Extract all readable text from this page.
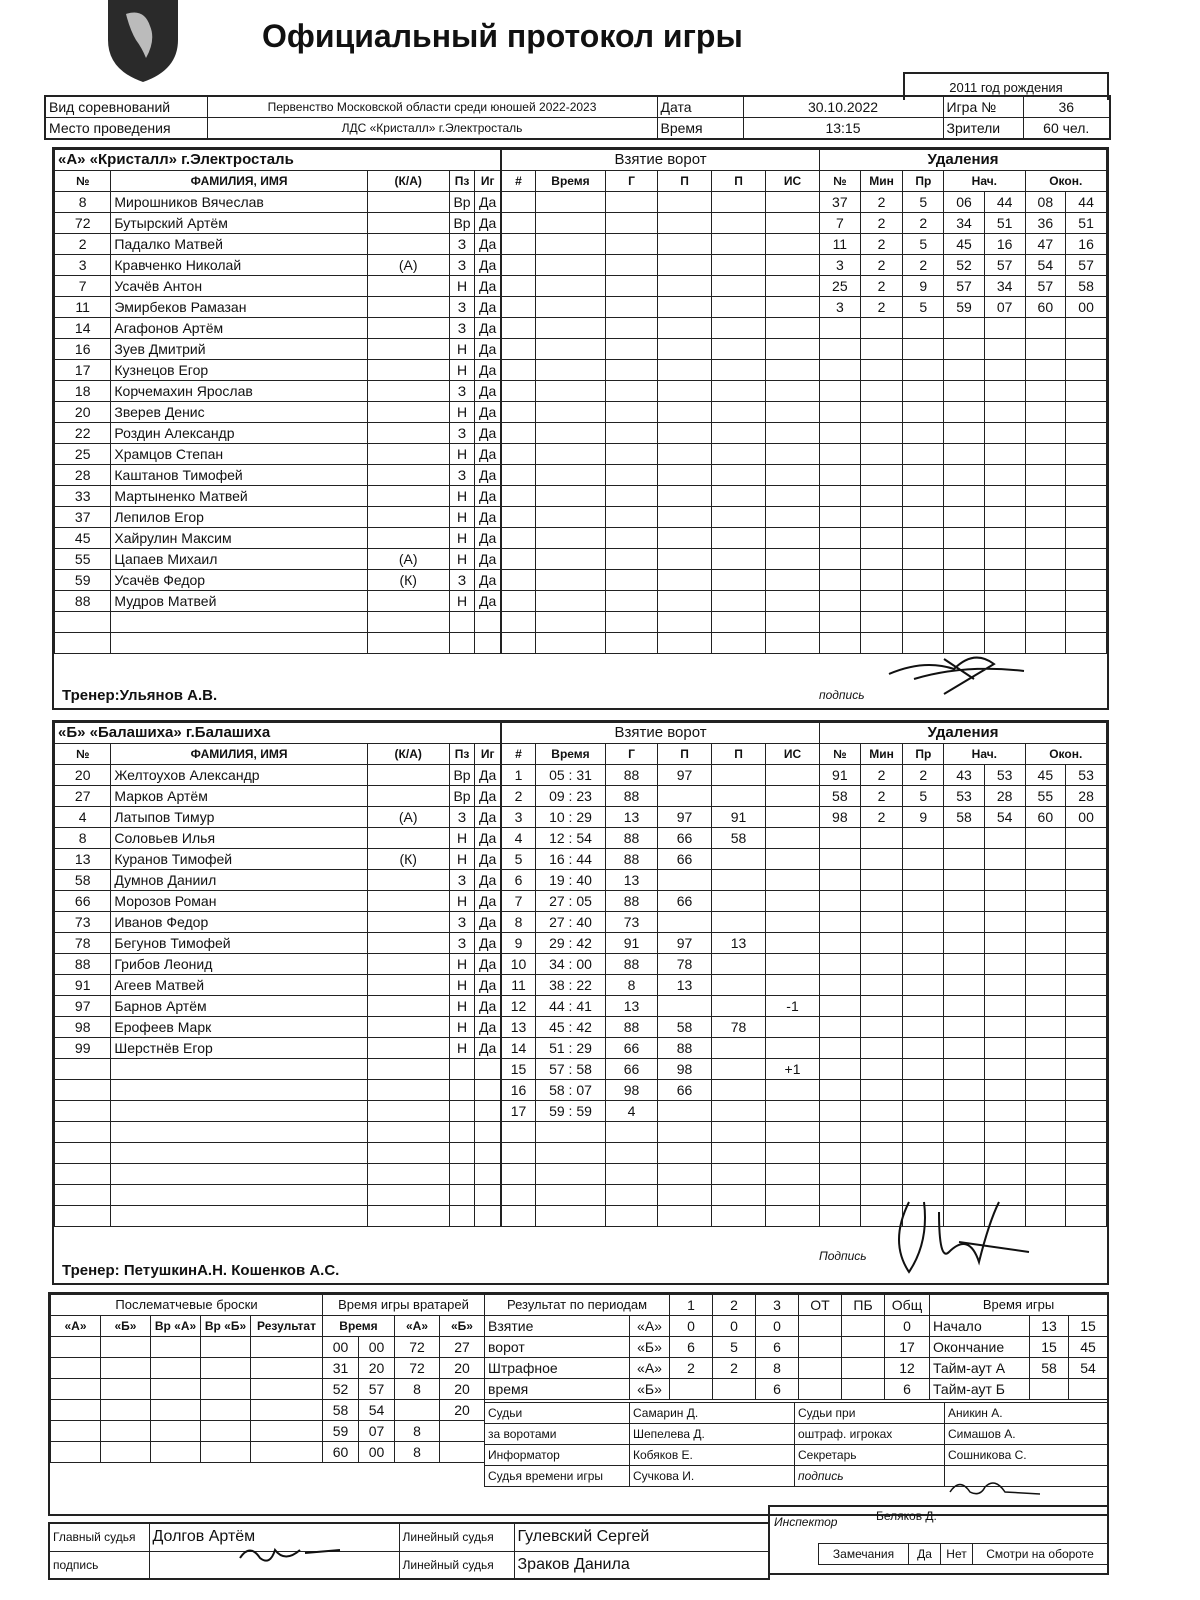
Официальный протокол игры
2011 год рождения
Вид соревнований	Первенство Московской области среди юношей 2022-2023	Дата	30.10.2022	Игра №	36
Место проведения	ЛДС «Кристалл» г.Электросталь	Время	13:15	Зрители	60 чел.
«А» «Кристалл» г.Электросталь				
№	ФАМИЛИЯ, ИМЯ	(К/А)	Пз	Иг
8	Мирошников Вячеслав		Вр	Да
72	Бутырский Артём		Вр	Да
2	Падалко Матвей		З	Да
3	Кравченко Николай	(А)	З	Да
7	Усачёв Антон		Н	Да
11	Эмирбеков Рамазан		З	Да
14	Агафонов Артём		З	Да
16	Зуев Дмитрий		Н	Да
17	Кузнецов Егор		Н	Да
18	Корчемахин Ярослав		З	Да
20	Зверев Денис		Н	Да
22	Роздин Александр		З	Да
25	Храмцов Степан		Н	Да
28	Каштанов Тимофей		З	Да
33	Мартыненко Матвей		Н	Да
37	Лепилов Егор		Н	Да
45	Хайрулин Максим		Н	Да
55	Цапаев Михаил	(А)	Н	Да
59	Усачёв Федор	(К)	З	Да
88	Мудров Матвей		Н	Да

Взятие ворот					
#	Время	Г	П	П	ИС

Удаления						
№	Мин	Пр	Нач.		Окон.	
37	2	5	06	44	08	44
7	2	2	34	51	36	51
11	2	5	45	16	47	16
3	2	2	52	57	54	57
25	2	9	57	34	57	58
3	2	5	59	07	60	00

Тренер:Ульянов А.В.	подпись
«Б» «Балашиха» г.Балашиха				
№	ФАМИЛИЯ, ИМЯ	(К/А)	Пз	Иг
20	Желтоухов Александр		Вр	Да
27	Марков Артём		Вр	Да
4	Латыпов Тимур	(А)	З	Да
8	Соловьев Илья		Н	Да
13	Куранов Тимофей	(К)	Н	Да
58	Думнов Даниил		З	Да
66	Морозов Роман		Н	Да
73	Иванов Федор		З	Да
78	Бегунов Тимофей		З	Да
88	Грибов Леонид		Н	Да
91	Агеев Матвей		Н	Да
97	Барнов Артём		Н	Да
98	Ерофеев Марк		Н	Да
99	Шерстнёв Егор		Н	Да

Взятие ворот					
#	Время	Г	П	П	ИС
1	05 : 31	88	97		
2	09 : 23	88			
3	10 : 29	13	97	91	
4	12 : 54	88	66	58	
5	16 : 44	88	66		
6	19 : 40	13			
7	27 : 05	88	66		
8	27 : 40	73			
9	29 : 42	91	97	13	
10	34 : 00	88	78		
11	38 : 22	8	13		
12	44 : 41	13			-1
13	45 : 42	88	58	78	
14	51 : 29	66	88		
15	57 : 58	66	98		+1
16	58 : 07	98	66		
17	59 : 59	4			

Удаления						
№	Мин	Пр	Нач.		Окон.	
91	2	2	43	53	45	53
58	2	5	53	28	55	28
98	2	9	58	54	60	00

Тренер: ПетушкинА.Н. Кошенков А.С.
Подпись
Послематчевые броски				
«А»	«Б»	Вр «А»	Вр «Б»	Результат

Время игры вратарей			
Время		«А»	«Б»
00	00	72	27
31	20	72	20
52	57	8	20
58	54		20
59	07	8	
60	00	8	
Результат по периодам		1	2	3	ОТ	ПБ	Общ
Взятие	«А»	0	0	0			0
ворот	«Б»	6	5	6			17
Штрафное	«А»	2	2	8			12
время	«Б»			6			6
Время игры		
Начало	13	15
Окончание	15	45
Тайм-аут А	58	54
Тайм-аут Б		
Судьи	Самарин Д.	Судьи при	Аникин А.
за воротами	Шепелева Д.	оштраф. игроках	Симашов А.
Информатор	Кобяков Е.	Секретарь	Сошникова С.
Судья времени игры	Сучкова И.	подпись	
Главный судья	Долгов Артём	Линейный судья	Гулевский Сергей
подпись		Линейный судья	Зраков Данила
Инспектор	Беляков Д.
Замечания	Да	Нет	Смотри на обороте
